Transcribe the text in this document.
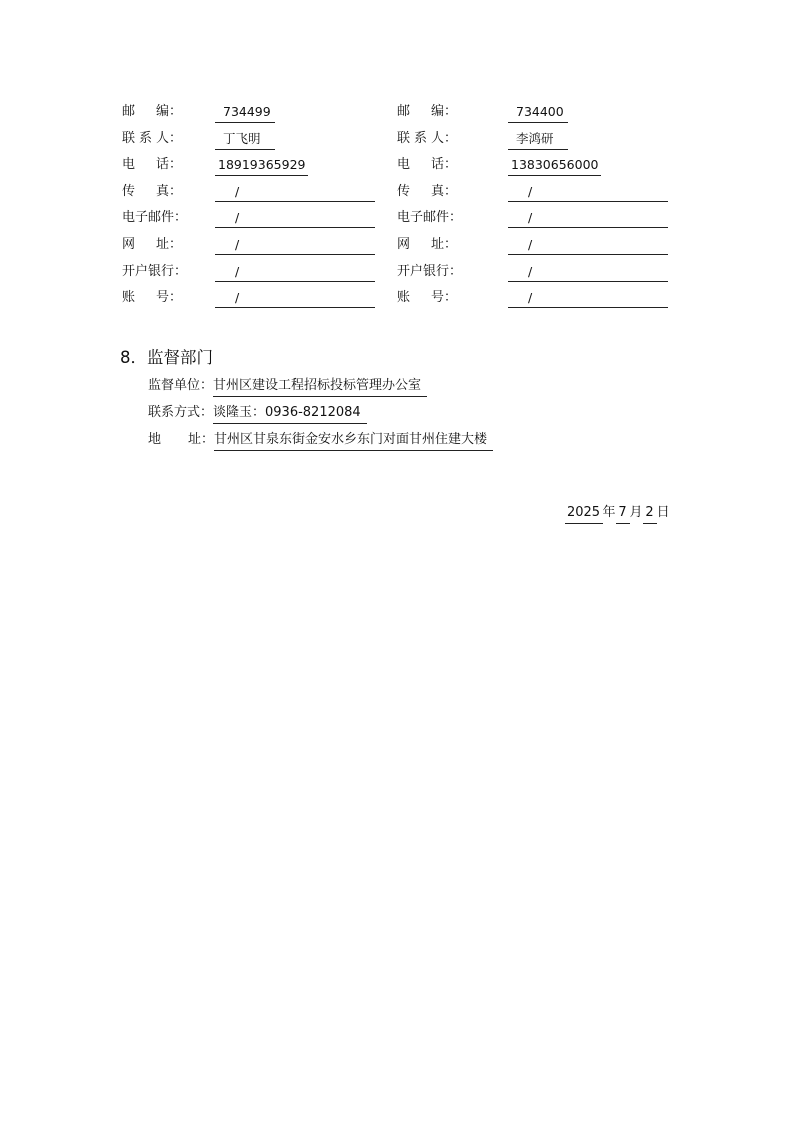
邮 编：	734499	邮 编：	734400
联 系 人：	丁飞明	联 系 人：	李鸿研
电 话：	18919365929	电 话：	13830656000
传 真：	/	传 真：	/
电子邮件：	/	电子邮件：	/
网 址：	/	网 址：	/
开户银行：	/	开户银行：	/
账 号：	/	账 号：	/
8．监督部门
监督单位： 甘州区建设工程招标投标管理办公室
联系方式： 谈隆玉：0936-8212084
地 址： 甘州区甘泉东街金安水乡东门对面甘州住建大楼

2025 年 7 月 2 日
